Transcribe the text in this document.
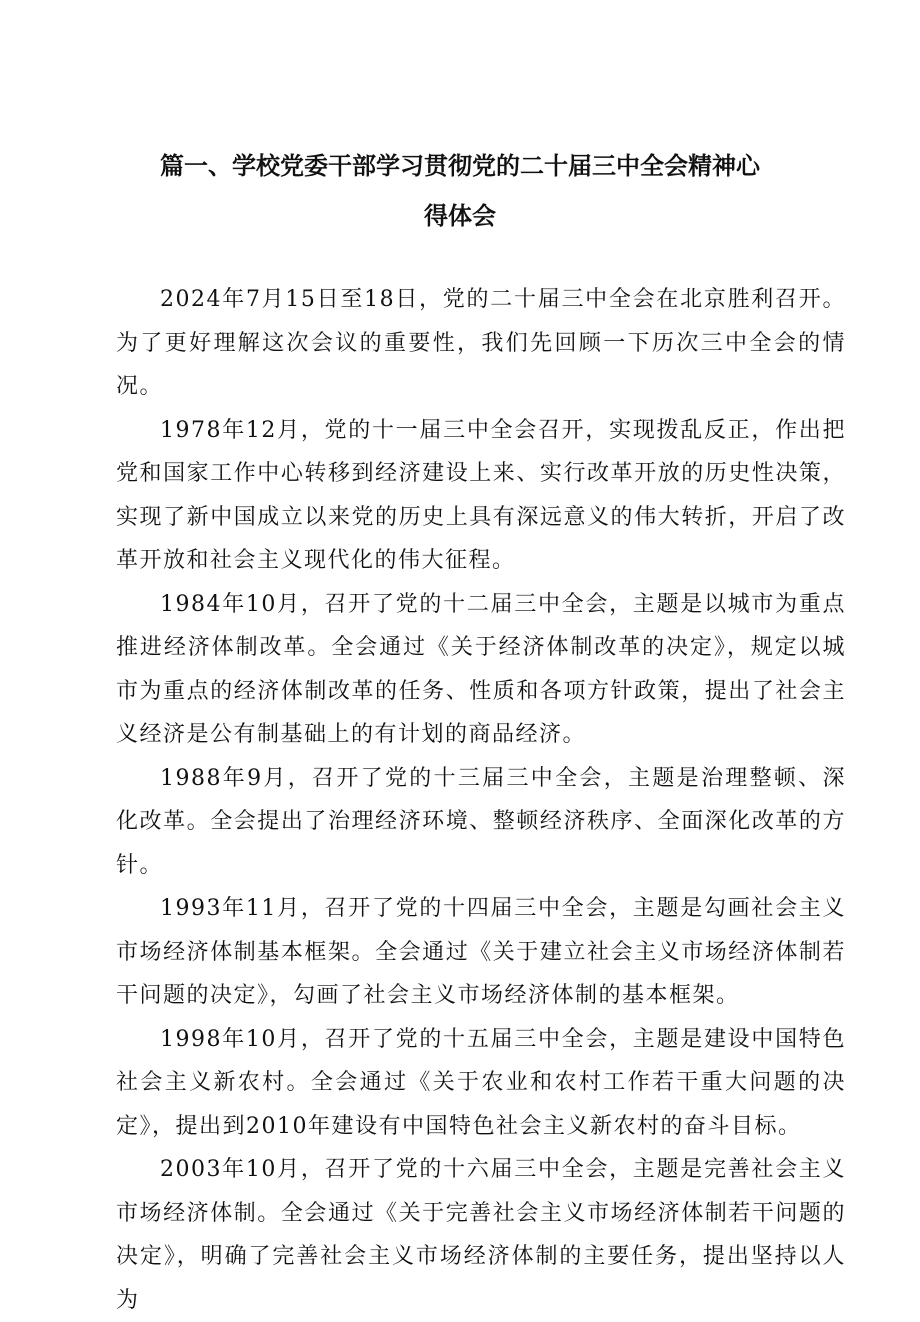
篇一、学校党委干部学习贯彻党的二十届三中全会精神心
得体会

2024年7月15日至18日，党的二十届三中全会在北京胜利召开。为了更好理解这次会议的重要性，我们先回顾一下历次三中全会的情况。

1978年12月，党的十一届三中全会召开，实现拨乱反正，作出把党和国家工作中心转移到经济建设上来、实行改革开放的历史性决策，实现了新中国成立以来党的历史上具有深远意义的伟大转折，开启了改革开放和社会主义现代化的伟大征程。

1984年10月，召开了党的十二届三中全会，主题是以城市为重点推进经济体制改革。全会通过《关于经济体制改革的决定》，规定以城市为重点的经济体制改革的任务、性质和各项方针政策，提出了社会主义经济是公有制基础上的有计划的商品经济。

1988年9月，召开了党的十三届三中全会，主题是治理整顿、深化改革。全会提出了治理经济环境、整顿经济秩序、全面深化改革的方针。

1993年11月，召开了党的十四届三中全会，主题是勾画社会主义市场经济体制基本框架。全会通过《关于建立社会主义市场经济体制若干问题的决定》，勾画了社会主义市场经济体制的基本框架。

1998年10月，召开了党的十五届三中全会，主题是建设中国特色社会主义新农村。全会通过《关于农业和农村工作若干重大问题的决定》，提出到2010年建设有中国特色社会主义新农村的奋斗目标。

2003年10月，召开了党的十六届三中全会，主题是完善社会主义市场经济体制。全会通过《关于完善社会主义市场经济体制若干问题的决定》，明确了完善社会主义市场经济体制的主要任务，提出坚持以人为
